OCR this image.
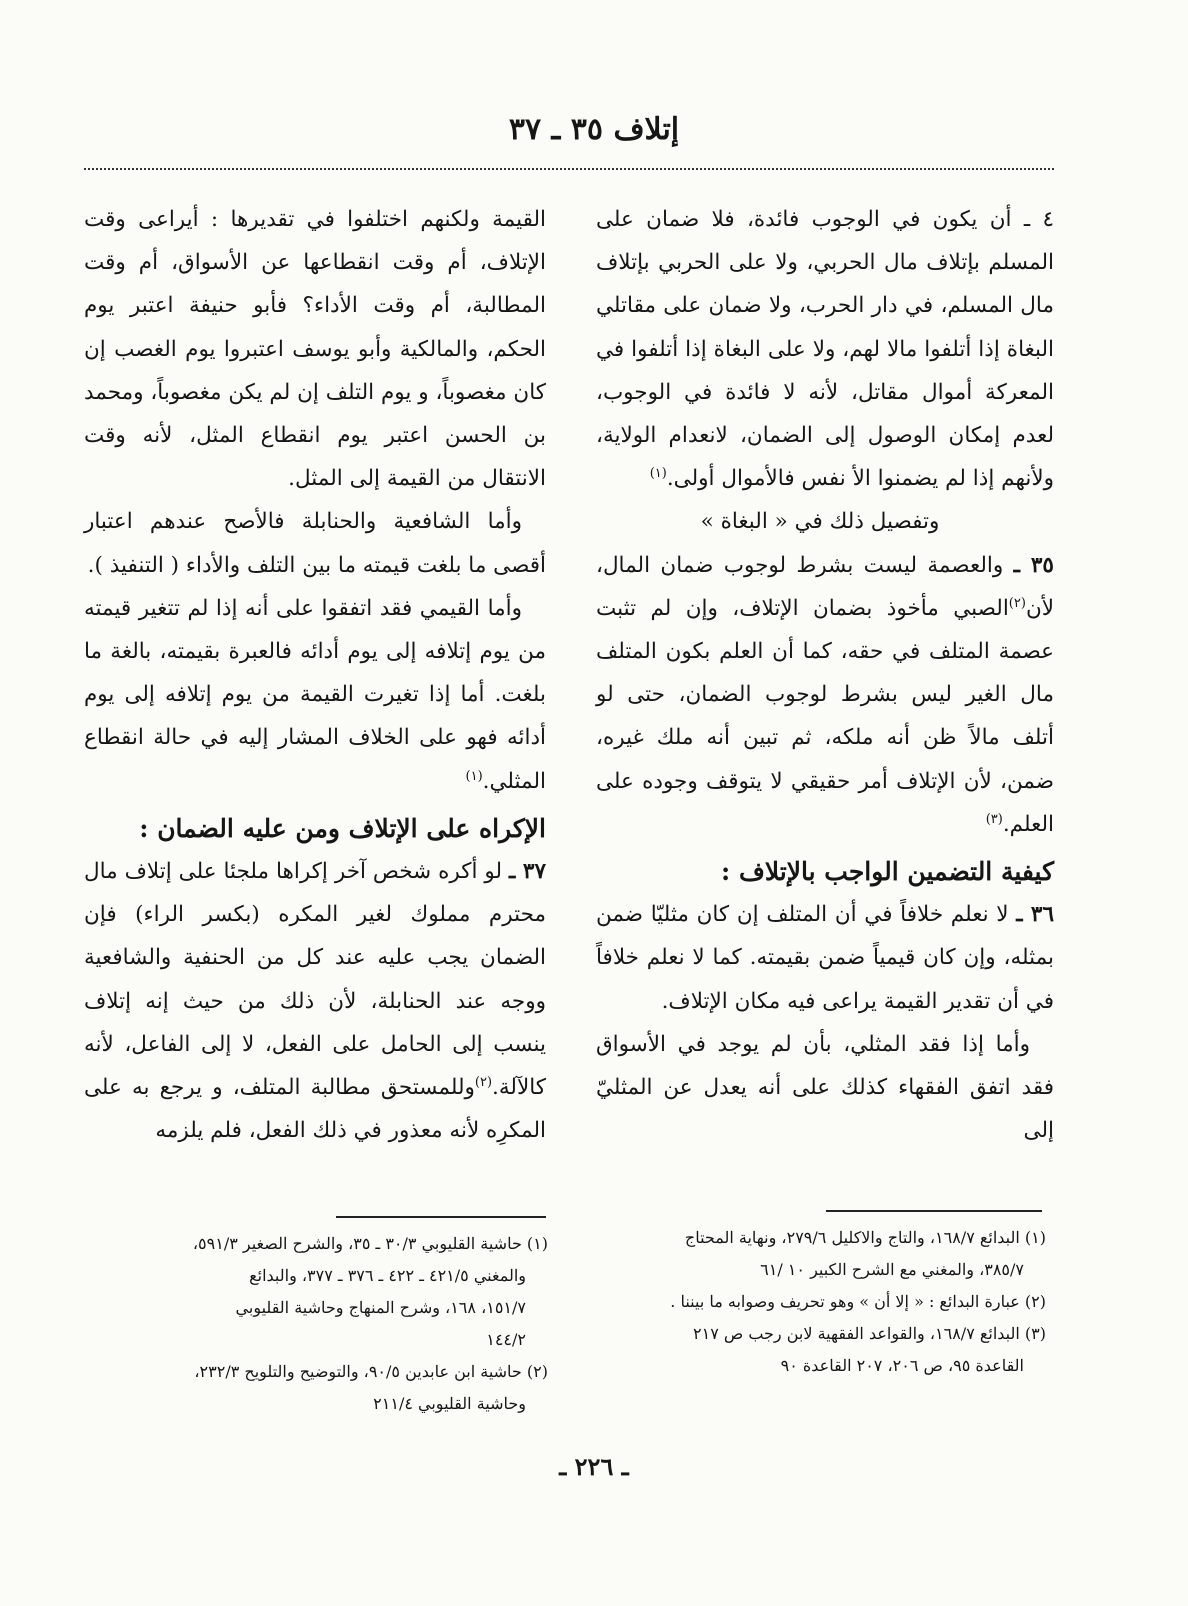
إتلاف ٣٥ ـ ٣٧

٤ ـ أن يكون في الوجوب فائدة، فلا ضمان على المسلم بإتلاف مال الحربي، ولا على الحربي بإتلاف مال المسلم، في دار الحرب، ولا ضمان على مقاتلي البغاة إذا أتلفوا مالا لهم، ولا على البغاة إذا أتلفوا في المعركة أموال مقاتل، لأنه لا فائدة في الوجوب، لعدم إمكان الوصول إلى الضمان، لانعدام الولاية، ولأنهم إذا لم يضمنوا الأ نفس فالأموال أولى.$^{(١)}$

وتفصيل ذلك في « البغاة »

٣٥ ـ والعصمة ليست بشرط لوجوب ضمان المال، لأن$^{(٢)}$الصبي مأخوذ بضمان الإتلاف، وإن لم تثبت عصمة المتلف في حقه، كما أن العلم بكون المتلف مال الغير ليس بشرط لوجوب الضمان، حتى لو أتلف مالاً ظن أنه ملكه، ثم تبين أنه ملك غيره، ضمن، لأن الإتلاف أمر حقيقي لا يتوقف وجوده على العلم.$^{(٣)}$

كيفية التضمين الواجب بالإتلاف :

٣٦ ـ لا نعلم خلافاً في أن المتلف إن كان مثليّا ضمن بمثله، وإن كان قيمياً ضمن بقيمته. كما لا نعلم خلافاً في أن تقدير القيمة يراعى فيه مكان الإتلاف.

وأما إذا فقد المثلي، بأن لم يوجد في الأسواق فقد اتفق الفقهاء كذلك على أنه يعدل عن المثليّ إلى

القيمة ولكنهم اختلفوا في تقديرها : أيراعى وقت الإتلاف، أم وقت انقطاعها عن الأسواق، أم وقت المطالبة، أم وقت الأداء؟ فأبو حنيفة اعتبر يوم الحكم، والمالكية وأبو يوسف اعتبروا يوم الغصب إن كان مغصوباً، و يوم التلف إن لم يكن مغصوباً، ومحمد بن الحسن اعتبر يوم انقطاع المثل، لأنه وقت الانتقال من القيمة إلى المثل.

وأما الشافعية والحنابلة فالأصح عندهم اعتبار أقصى ما بلغت قيمته ما بين التلف والأداء ( التنفيذ ).

وأما القيمي فقد اتفقوا على أنه إذا لم تتغير قيمته من يوم إتلافه إلى يوم أدائه فالعبرة بقيمته، بالغة ما بلغت. أما إذا تغيرت القيمة من يوم إتلافه إلى يوم أدائه فهو على الخلاف المشار إليه في حالة انقطاع المثلي.$^{(١)}$

الإكراه على الإتلاف ومن عليه الضمان :

٣٧ ـ لو أكره شخص آخر إكراها ملجئا على إتلاف مال محترم مملوك لغير المكره (بكسر الراء) فإن الضمان يجب عليه عند كل من الحنفية والشافعية ووجه عند الحنابلة، لأن ذلك من حيث إنه إتلاف ينسب إلى الحامل على الفعل، لا إلى الفاعل، لأنه كالآلة.$^{(٢)}$وللمستحق مطالبة المتلف، و يرجع به على المكرِه لأنه معذور في ذلك الفعل، فلم يلزمه

(١) البدائع ١٦٨/٧، والتاج والاكليل ٢٧٩/٦، ونهاية المحتاج
٣٨٥/٧، والمغني مع الشرح الكبير ١٠ /٦١
(٢) عبارة البدائع : « إلا أن » وهو تحريف وصوابه ما بيننا .
(٣) البدائع ١٦٨/٧، والقواعد الفقهية لابن رجب ص ٢١٧
القاعدة ٩٥، ص ٢٠٦، ٢٠٧ القاعدة ٩٠
(١) حاشية القليوبي ٣٠/٣ ـ ٣٥، والشرح الصغير ٥٩١/٣،
والمغني ٤٢١/٥ ـ ٤٢٢ ـ ٣٧٦ ـ ٣٧٧، والبدائع
١٥١/٧، ١٦٨، وشرح المنهاج وحاشية القليوبي
١٤٤/٢
(٢) حاشية ابن عابدين ٩٠/٥، والتوضيح والتلويح ٢٣٢/٣،
وحاشية القليوبي ٢١١/٤
ـ ٢٢٦ ـ
